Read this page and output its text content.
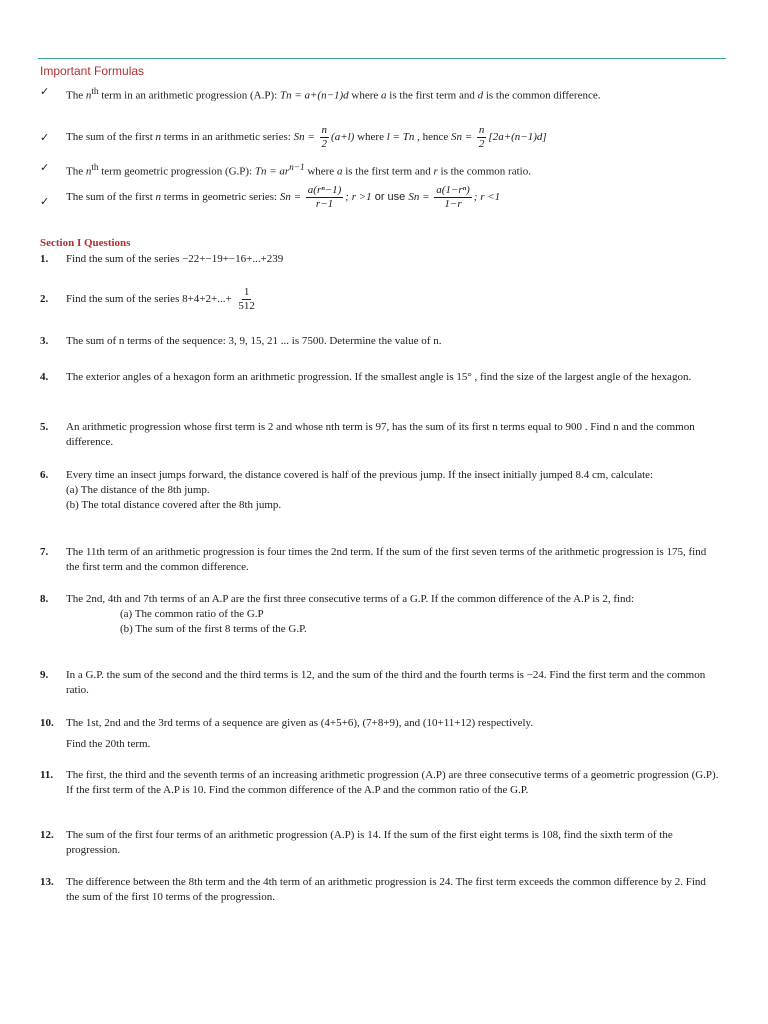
Important Formulas
✓	The $n^{th}$ term in an arithmetic progression (A.P): Tn = a+(n−1)d where a is the first term and d is the common difference.
✓	The sum of the first n terms in an arithmetic series: $Sn = \frac{n}{2} (a+l)$ where l = Tn , hence $Sn = \frac{n}{2} [2a+(n-1)d]$
✓	The $n^{th}$ term geometric progression (G.P): $Tn = ar^{n-1}$ where a is the first term and r is the common ratio.
✓	The sum of the first n terms in geometric series: $Sn = \frac{\text{a(rⁿ−1)}}{r-1}$ ; r >1 or use $Sn = \frac{\text{a(1−rⁿ)}}{1-r}$ ; r <1
Section I Questions
1.	Find the sum of the series −22+−19+−16+...+239
2.	Find the sum of the series $8+4+2+...+ \frac{1}{512}$
3.	The sum of n terms of the sequence: 3, 9, 15, 21 ... is 7500. Determine the value of n.
4.	The exterior angles of a hexagon form an arithmetic progression. If the smallest angle is 15° , find the size of the largest angle of the hexagon.
5.	An arithmetic progression whose first term is 2 and whose nth term is 97, has the sum of its first n terms equal to 900 . Find n and the common difference.
6.	Every time an insect jumps forward, the distance covered is half of the previous jump. If the insect initially jumped 8.4 cm, calculate:
(a) The distance of the 8th jump.
(b) The total distance covered after the 8th jump.
7.	The 11th term of an arithmetic progression is four times the 2nd term. If the sum of the first seven terms of the arithmetic progression is 175, find the first term and the common difference.
8.	The 2nd, 4th and 7th terms of an A.P are the first three consecutive terms of a G.P. If the common difference of the A.P is 2, find:
(a) The common ratio of the G.P
(b) The sum of the first 8 terms of the G.P.
9.	In a G.P. the sum of the second and the third terms is 12, and the sum of the third and the fourth terms is −24. Find the first term and the common ratio.
10.	The 1st, 2nd and the 3rd terms of a sequence are given as (4+5+6), (7+8+9), and (10+11+12) respectively.
Find the 20th term.
11.	The first, the third and the seventh terms of an increasing arithmetic progression (A.P) are three consecutive terms of a geometric progression (G.P). If the first term of the A.P is 10. Find the common difference of the A.P and the common ratio of the G.P.
12.	The sum of the first four terms of an arithmetic progression (A.P) is 14. If the sum of the first eight terms is 108, find the sixth term of the progression.
13.	The difference between the 8th term and the 4th term of an arithmetic progression is 24. The first term exceeds the common difference by 2. Find the sum of the first 10 terms of the progression.
